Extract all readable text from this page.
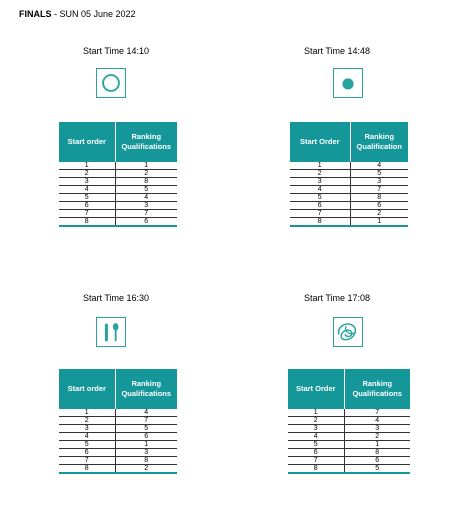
FINALS - SUN 05 June 2022
Start Time 14:10
Start order	Ranking Qualifications
1	1
2	2
3	8
4	5
5	4
6	3
7	7
8	6
Start Time 14:48
Start Order	Ranking Qualification
1	4
2	5
3	3
4	7
5	8
6	6
7	2
8	1
Start Time 16:30
Start order	Ranking Qualifications
1	4
2	7
3	5
4	6
5	1
6	3
7	8
8	2
Start Time 17:08
Start Order	Ranking Qualifications
1	7
2	4
3	3
4	2
5	1
6	8
7	6
8	5
